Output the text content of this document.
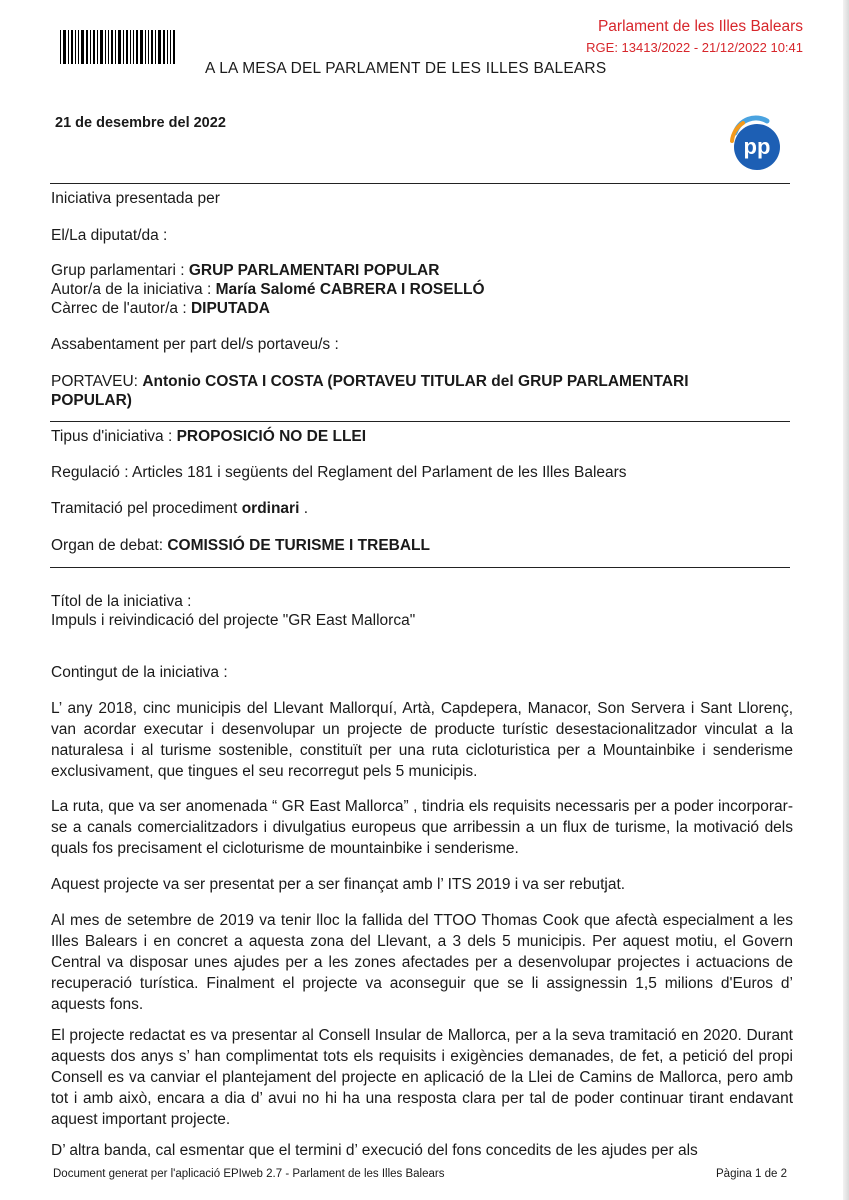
Parlament de les Illes Balears
RGE: 13413/2022 - 21/12/2022 10:41
A LA MESA DEL PARLAMENT DE LES ILLES BALEARS
21 de desembre del 2022
pp
Iniciativa presentada per
El/La diputat/da :
Grup parlamentari : GRUP PARLAMENTARI POPULAR
Autor/a de la iniciativa : María Salomé CABRERA I ROSELLÓ
Càrrec de l'autor/a : DIPUTADA
Assabentament per part del/s portaveu/s :
PORTAVEU: Antonio COSTA I COSTA (PORTAVEU TITULAR del GRUP PARLAMENTARI
POPULAR)
Tipus d'iniciativa : PROPOSICIÓ NO DE LLEI
Regulació : Articles 181 i següents del Reglament del Parlament de les Illes Balears
Tramitació pel procediment ordinari .
Organ de debat: COMISSIÓ DE TURISME I TREBALL
Títol de la iniciativa :
Impuls i reivindicació del projecte "GR East Mallorca"
Contingut de la iniciativa :
L’ any 2018, cinc municipis del Llevant Mallorquí, Artà, Capdepera, Manacor, Son Servera i Sant Llorenç, van acordar executar i desenvolupar un projecte de producte turístic desestacionalitzador vinculat a la naturalesa i al turisme sostenible, constituït per una ruta cicloturistica per a Mountainbike i senderisme exclusivament, que tingues el seu recorregut pels 5 municipis.
La ruta, que va ser anomenada “ GR East Mallorca” , tindria els requisits necessaris per a poder incorporar-se a canals comercialitzadors i divulgatius europeus que arribessin a un flux de turisme, la motivació dels quals fos precisament el cicloturisme de mountainbike i senderisme.
Aquest projecte va ser presentat per a ser finançat amb l’ ITS 2019 i va ser rebutjat.
Al mes de setembre de 2019 va tenir lloc la fallida del TTOO Thomas Cook que afectà especialment a les Illes Balears i en concret a aquesta zona del Llevant, a 3 dels 5 municipis. Per aquest motiu, el Govern Central va disposar unes ajudes per a les zones afectades per a desenvolupar projectes i actuacions de recuperació turística. Finalment el projecte va aconseguir que se li assignessin 1,5 milions d'Euros d’ aquests fons.
El projecte redactat es va presentar al Consell Insular de Mallorca, per a la seva tramitació en 2020. Durant aquests dos anys s’ han complimentat tots els requisits i exigències demanades, de fet, a petició del propi Consell es va canviar el plantejament del projecte en aplicació de la Llei de Camins de Mallorca, pero amb tot i amb això, encara a dia d’ avui no hi ha una resposta clara per tal de poder continuar tirant endavant aquest important projecte.
D’ altra banda, cal esmentar que el termini d’ execució del fons concedits de les ajudes per als
Document generat per l'aplicació EPIweb 2.7 - Parlament de les Illes Balears	Pàgina 1 de 2
